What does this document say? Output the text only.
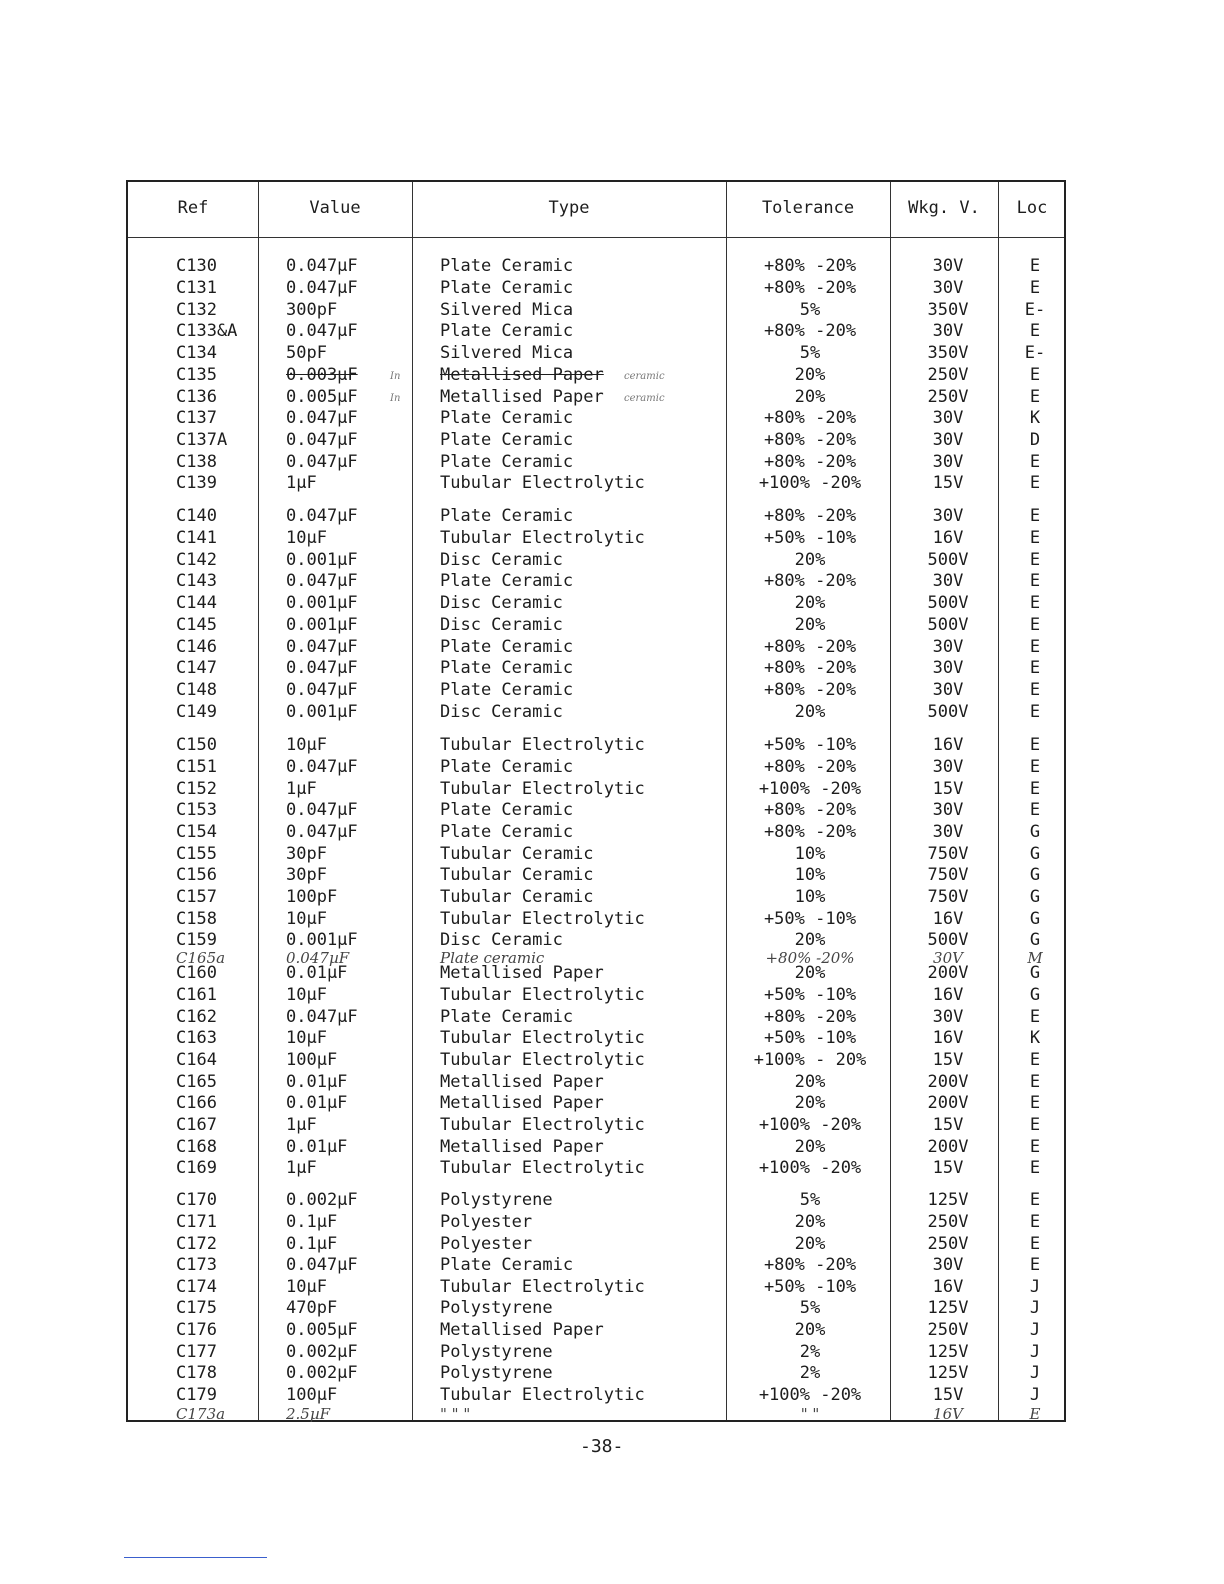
Ref	Value	Type	Tolerance	Wkg. V.	Loc
C130	0.047µF	Plate Ceramic	+80% -20%	30V	E
C131	0.047µF	Plate Ceramic	+80% -20%	30V	E
C132	300pF	Silvered Mica	5%	350V	E-
C133&A	0.047µF	Plate Ceramic	+80% -20%	30V	E
C134	50pF	Silvered Mica	5%	350V	E-
C135	0.003µF	In Metallised Paper ceramic	20%	250V	E
C136	0.005µF	In Metallised Paper ceramic	20%	250V	E
C137	0.047µF	Plate Ceramic	+80% -20%	30V	K
C137A	0.047µF	Plate Ceramic	+80% -20%	30V	D
C138	0.047µF	Plate Ceramic	+80% -20%	30V	E
C139	1µF	Tubular Electrolytic	+100% -20%	15V	E
C140	0.047µF	Plate Ceramic	+80% -20%	30V	E
C141	10µF	Tubular Electrolytic	+50% -10%	16V	E
C142	0.001µF	Disc Ceramic	20%	500V	E
C143	0.047µF	Plate Ceramic	+80% -20%	30V	E
C144	0.001µF	Disc Ceramic	20%	500V	E
C145	0.001µF	Disc Ceramic	20%	500V	E
C146	0.047µF	Plate Ceramic	+80% -20%	30V	E
C147	0.047µF	Plate Ceramic	+80% -20%	30V	E
C148	0.047µF	Plate Ceramic	+80% -20%	30V	E
C149	0.001µF	Disc Ceramic	20%	500V	E
C150	10µF	Tubular Electrolytic	+50% -10%	16V	E
C151	0.047µF	Plate Ceramic	+80% -20%	30V	E
C152	1µF	Tubular Electrolytic	+100% -20%	15V	E
C153	0.047µF	Plate Ceramic	+80% -20%	30V	E
C154	0.047µF	Plate Ceramic	+80% -20%	30V	G
C155	30pF	Tubular Ceramic	10%	750V	G
C156	30pF	Tubular Ceramic	10%	750V	G
C157	100pF	Tubular Ceramic	10%	750V	G
C158	10µF	Tubular Electrolytic	+50% -10%	16V	G
C159	0.001µF	Disc Ceramic	20%	500V	G
C165a	0.047µF	Plate ceramic	+80% -20%	30V	M
C160	0.01µF	Metallised Paper	20%	200V	G
C161	10µF	Tubular Electrolytic	+50% -10%	16V	G
C162	0.047µF	Plate Ceramic	+80% -20%	30V	E
C163	10µF	Tubular Electrolytic	+50% -10%	16V	K
C164	100µF	Tubular Electrolytic	+100% - 20%	15V	E
C165	0.01µF	Metallised Paper	20%	200V	E
C166	0.01µF	Metallised Paper	20%	200V	E
C167	1µF	Tubular Electrolytic	+100% -20%	15V	E
C168	0.01µF	Metallised Paper	20%	200V	E
C169	1µF	Tubular Electrolytic	+100% -20%	15V	E
C170	0.002µF	Polystyrene	5%	125V	E
C171	0.1µF	Polyester	20%	250V	E
C172	0.1µF	Polyester	20%	250V	E
C173	0.047µF	Plate Ceramic	+80% -20%	30V	E
C174	10µF	Tubular Electrolytic	+50% -10%	16V	J
C175	470pF	Polystyrene	5%	125V	J
C176	0.005µF	Metallised Paper	20%	250V	J
C177	0.002µF	Polystyrene	2%	125V	J
C178	0.002µF	Polystyrene	2%	125V	J
C179	100µF	Tubular Electrolytic	+100% -20%	15V	J
C173a	2.5µF	" " "	" "	16V	E
-38-
